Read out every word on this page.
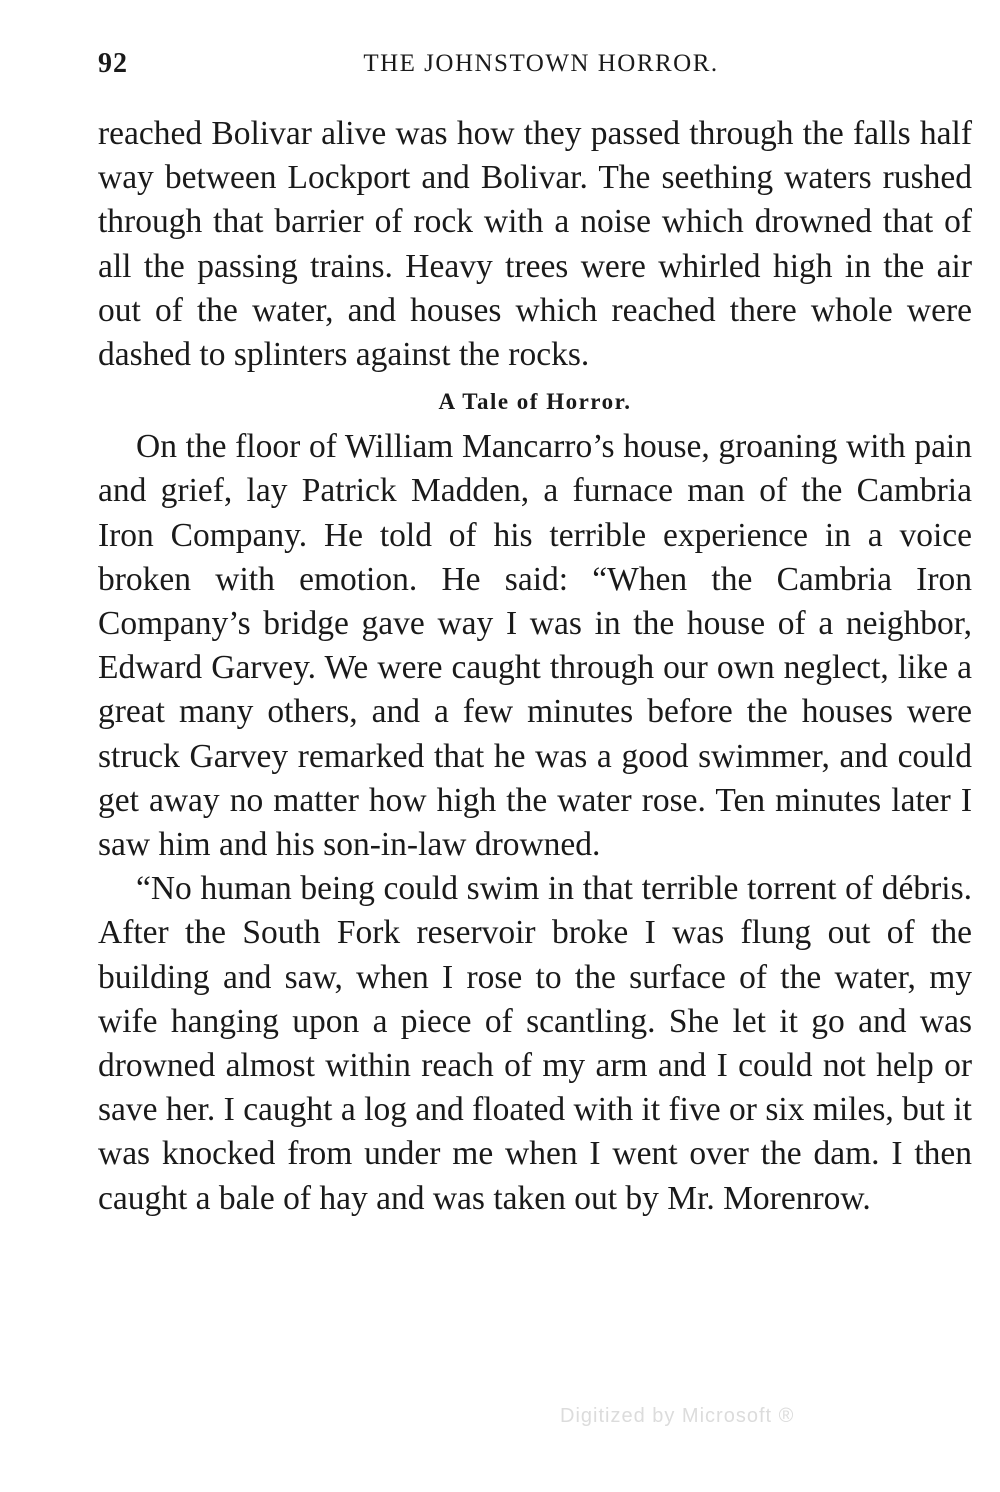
92	THE JOHNSTOWN HORROR.

reached Bolivar alive was how they passed through the falls half way between Lockport and Bolivar. The seething waters rushed through that barrier of rock with a noise which drowned that of all the passing trains. Heavy trees were whirled high in the air out of the water, and houses which reached there whole were dashed to splinters against the rocks.

A Tale of Horror.

On the floor of William Mancarro’s house, groaning with pain and grief, lay Patrick Madden, a furnace man of the Cambria Iron Company. He told of his terrible experience in a voice broken with emotion. He said: “When the Cambria Iron Company’s bridge gave way I was in the house of a neighbor, Edward Garvey. We were caught through our own neglect, like a great many others, and a few minutes before the houses were struck Garvey remarked that he was a good swimmer, and could get away no matter how high the water rose. Ten minutes later I saw him and his son-in-law drowned.

“No human being could swim in that terrible torrent of débris. After the South Fork reservoir broke I was flung out of the building and saw, when I rose to the surface of the water, my wife hanging upon a piece of scantling. She let it go and was drowned almost within reach of my arm and I could not help or save her. I caught a log and floated with it five or six miles, but it was knocked from under me when I went over the dam. I then caught a bale of hay and was taken out by Mr. Morenrow.

Digitized by Microsoft ®
